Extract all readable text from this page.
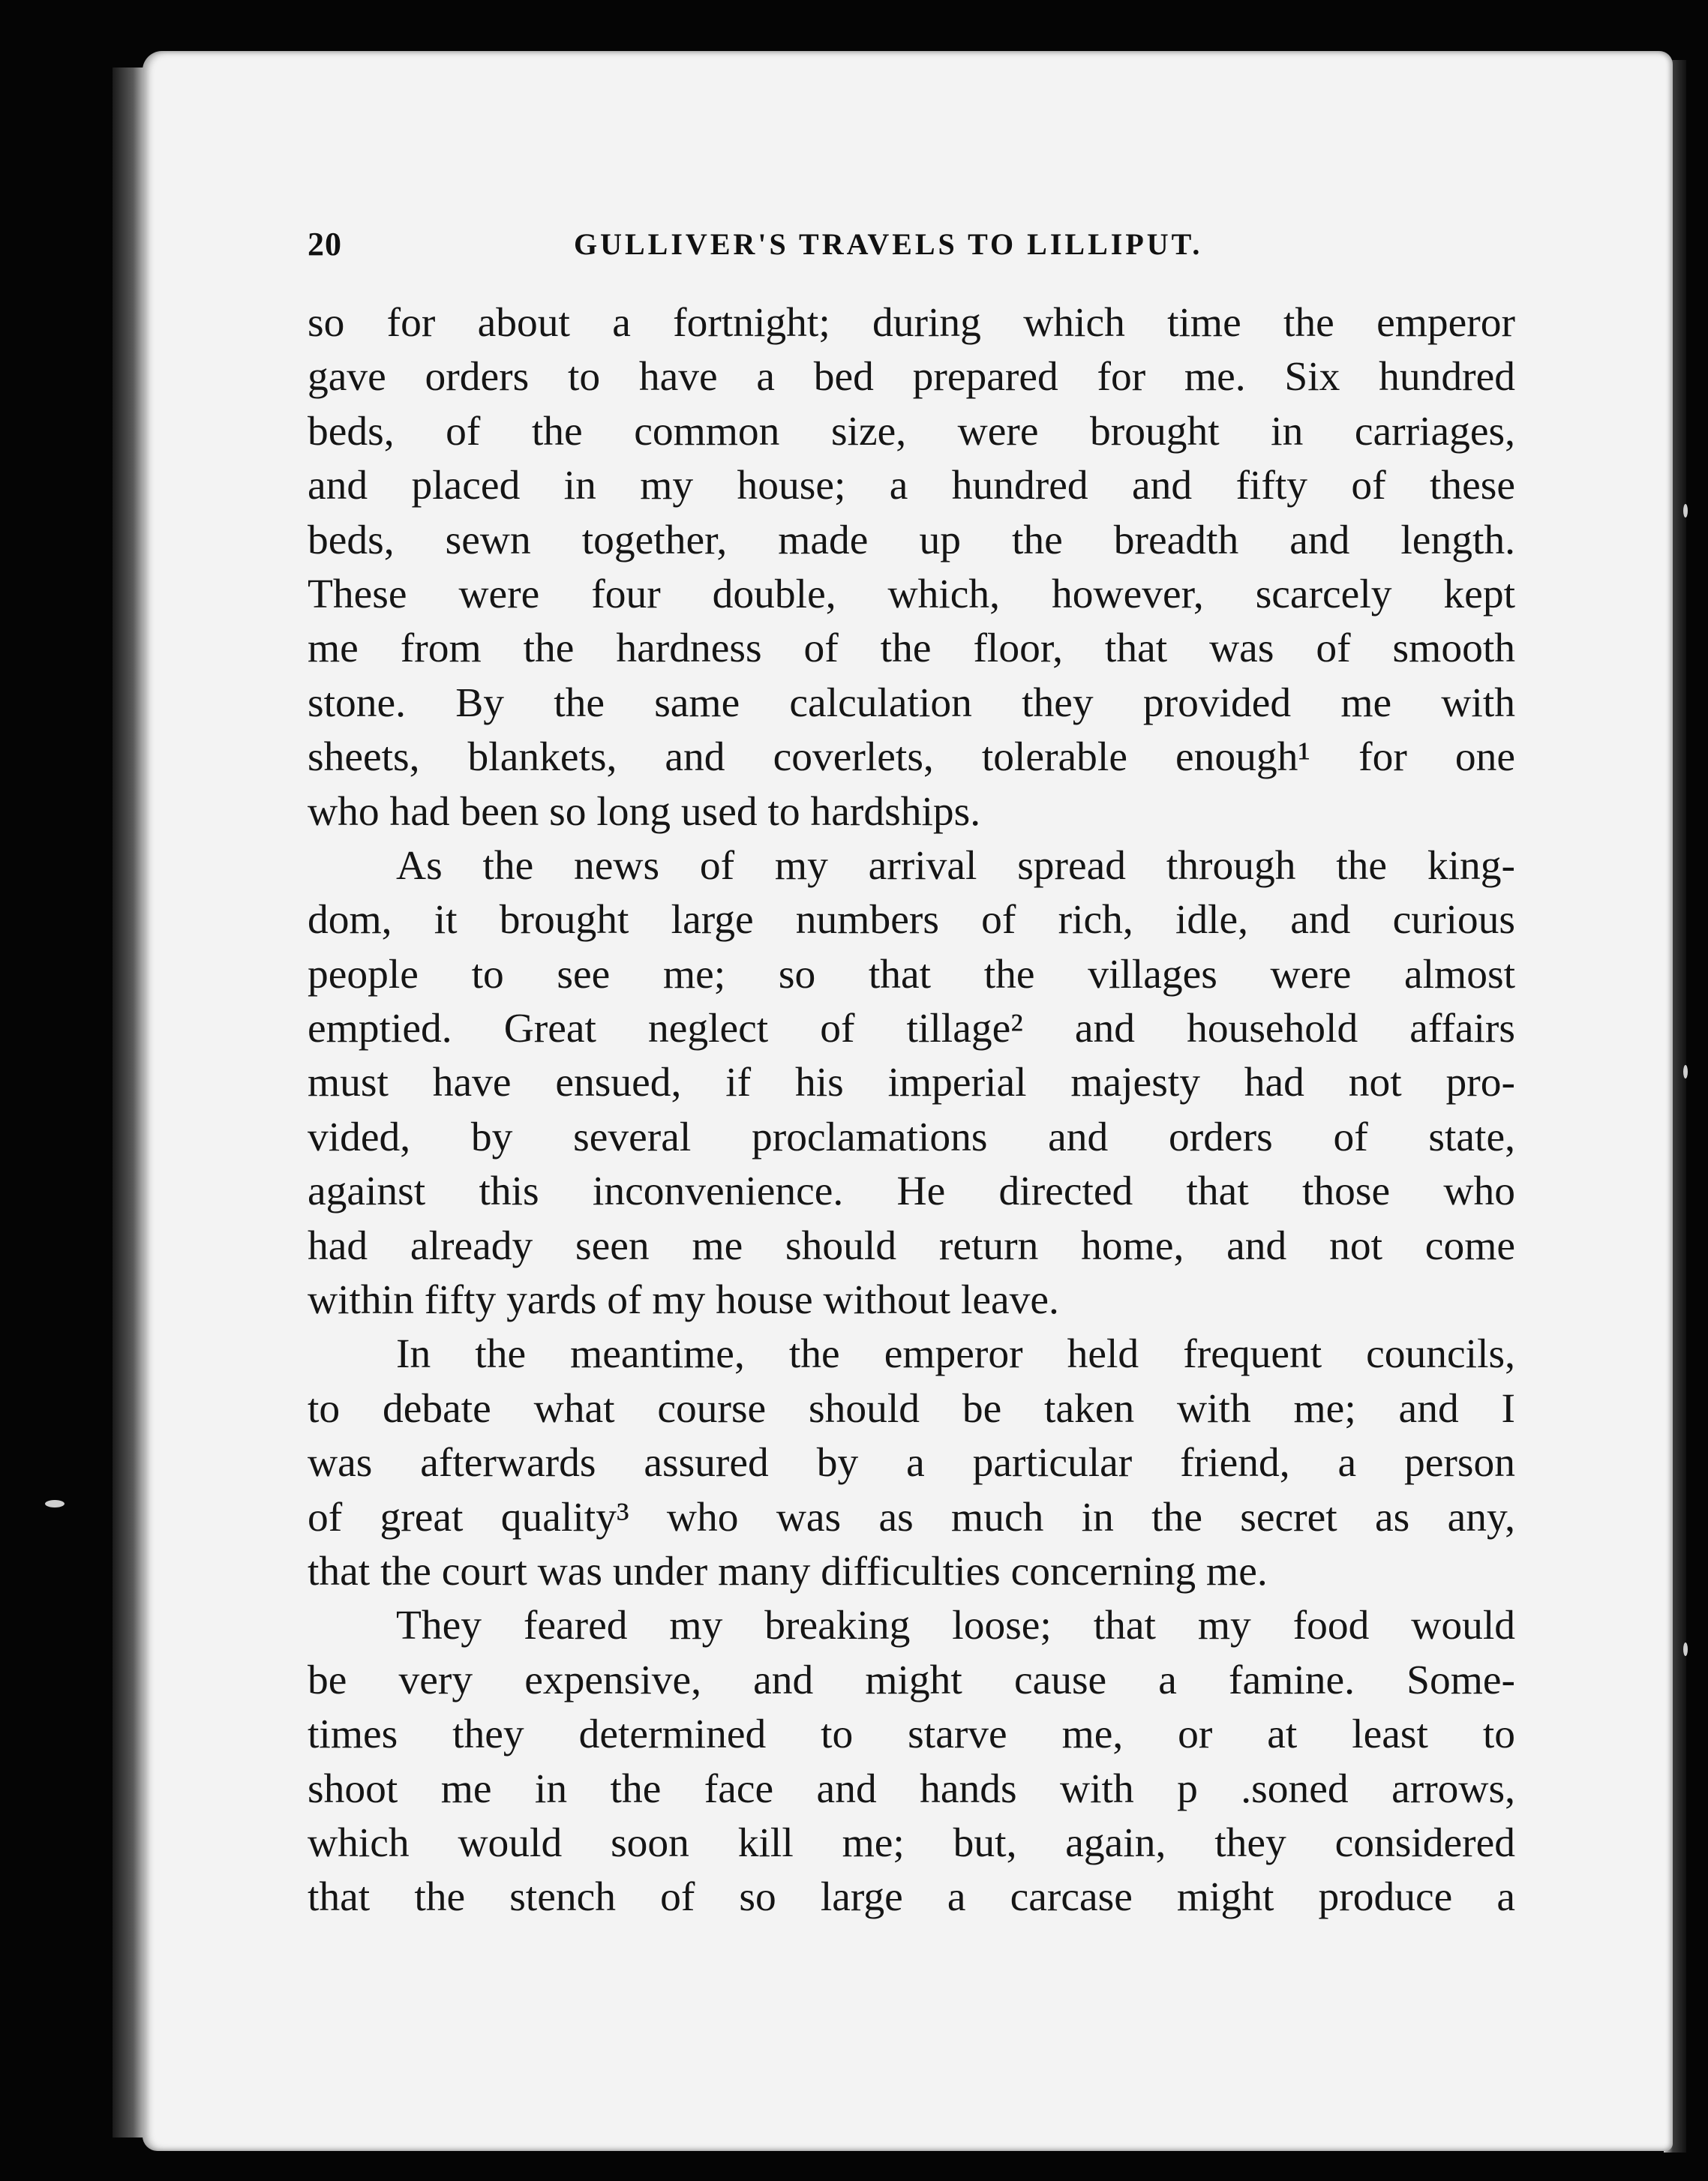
20	GULLIVER'S TRAVELS TO LILLIPUT.
so for about a fortnight; during which time the emperor
gave orders to have a bed prepared for me. Six hundred
beds, of the common size, were brought in carriages,
and placed in my house; a hundred and fifty of these
beds, sewn together, made up the breadth and length.
These were four double, which, however, scarcely kept
me from the hardness of the floor, that was of smooth
stone. By the same calculation they provided me with
sheets, blankets, and coverlets, tolerable enough¹ for one
who had been so long used to hardships.
As the news of my arrival spread through the king-
dom, it brought large numbers of rich, idle, and curious
people to see me; so that the villages were almost
emptied. Great neglect of tillage² and household affairs
must have ensued, if his imperial majesty had not pro-
vided, by several proclamations and orders of state,
against this inconvenience. He directed that those who
had already seen me should return home, and not come
within fifty yards of my house without leave.
In the meantime, the emperor held frequent councils,
to debate what course should be taken with me; and I
was afterwards assured by a particular friend, a person
of great quality³ who was as much in the secret as any,
that the court was under many difficulties concerning me.
They feared my breaking loose; that my food would
be very expensive, and might cause a famine. Some-
times they determined to starve me, or at least to
shoot me in the face and hands with p .soned arrows,
which would soon kill me; but, again, they considered
that the stench of so large a carcase might produce a
